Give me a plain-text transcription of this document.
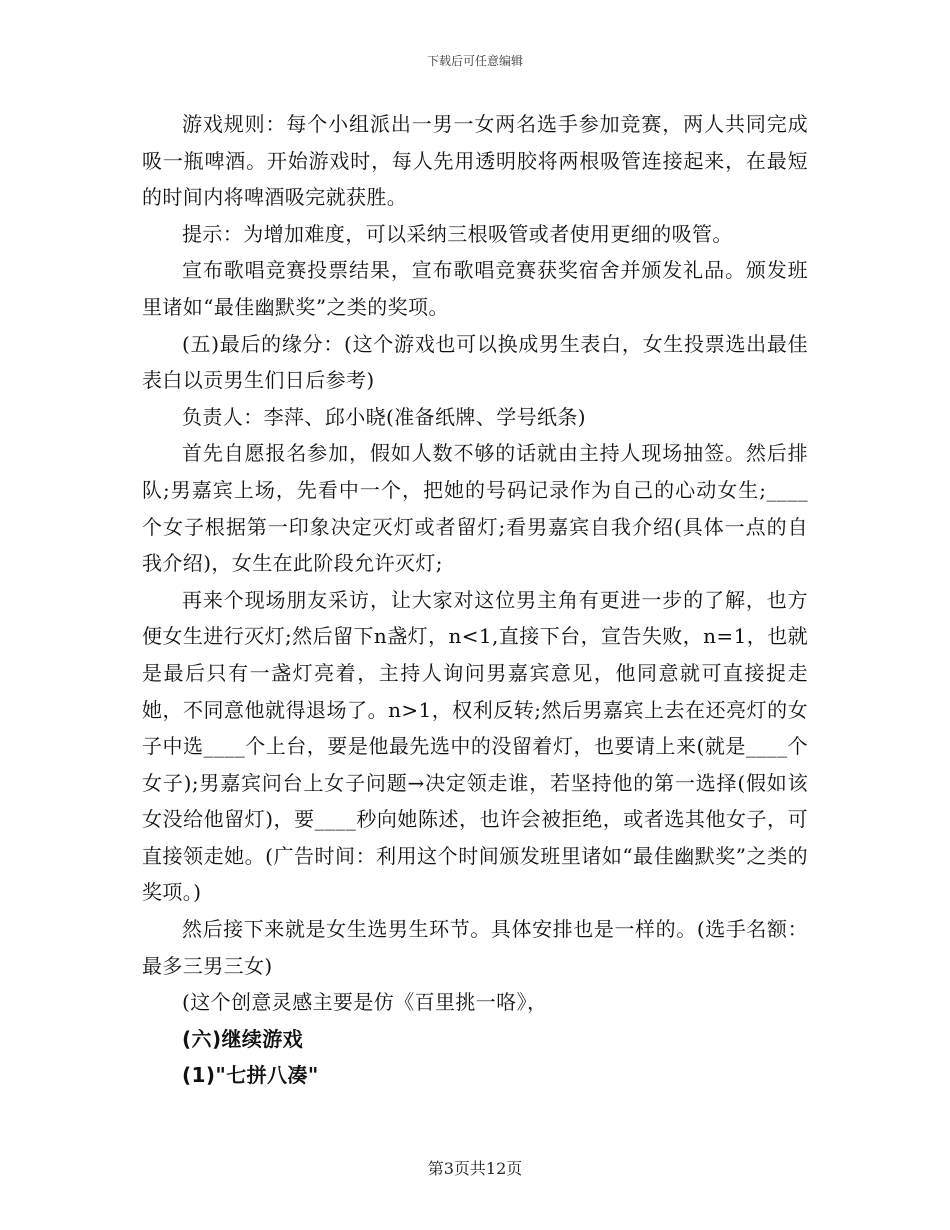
下载后可任意编辑

游戏规则：每个小组派出一男一女两名选手参加竞赛，两人共同完成吸一瓶啤酒。开始游戏时，每人先用透明胶将两根吸管连接起来，在最短的时间内将啤酒吸完就获胜。

提示：为增加难度，可以采纳三根吸管或者使用更细的吸管。

宣布歌唱竞赛投票结果，宣布歌唱竞赛获奖宿舍并颁发礼品。颁发班里诸如“最佳幽默奖”之类的奖项。

(五)最后的缘分：(这个游戏也可以换成男生表白，女生投票选出最佳表白以贡男生们日后参考)

负责人：李萍、邱小晓(准备纸牌、学号纸条)

首先自愿报名参加，假如人数不够的话就由主持人现场抽签。然后排队;男嘉宾上场，先看中一个，把她的号码记录作为自己的心动女生;____个女子根据第一印象决定灭灯或者留灯;看男嘉宾自我介绍(具体一点的自我介绍)，女生在此阶段允许灭灯;

再来个现场朋友采访，让大家对这位男主角有更进一步的了解，也方便女生进行灭灯;然后留下n盏灯，n<1,直接下台，宣告失败，n=1，也就是最后只有一盏灯亮着，主持人询问男嘉宾意见，他同意就可直接捉走她，不同意他就得退场了。n>1，权利反转;然后男嘉宾上去在还亮灯的女子中选____个上台，要是他最先选中的没留着灯，也要请上来(就是____个女子);男嘉宾问台上女子问题→决定领走谁，若坚持他的第一选择(假如该女没给他留灯)，要____秒向她陈述，也许会被拒绝，或者选其他女子，可直接领走她。(广告时间：利用这个时间颁发班里诸如“最佳幽默奖”之类的奖项。)

然后接下来就是女生选男生环节。具体安排也是一样的。(选手名额：最多三男三女)

(这个创意灵感主要是仿《百里挑一咯》，

(六)继续游戏

(1)"七拼八凑"

第3页共12页
